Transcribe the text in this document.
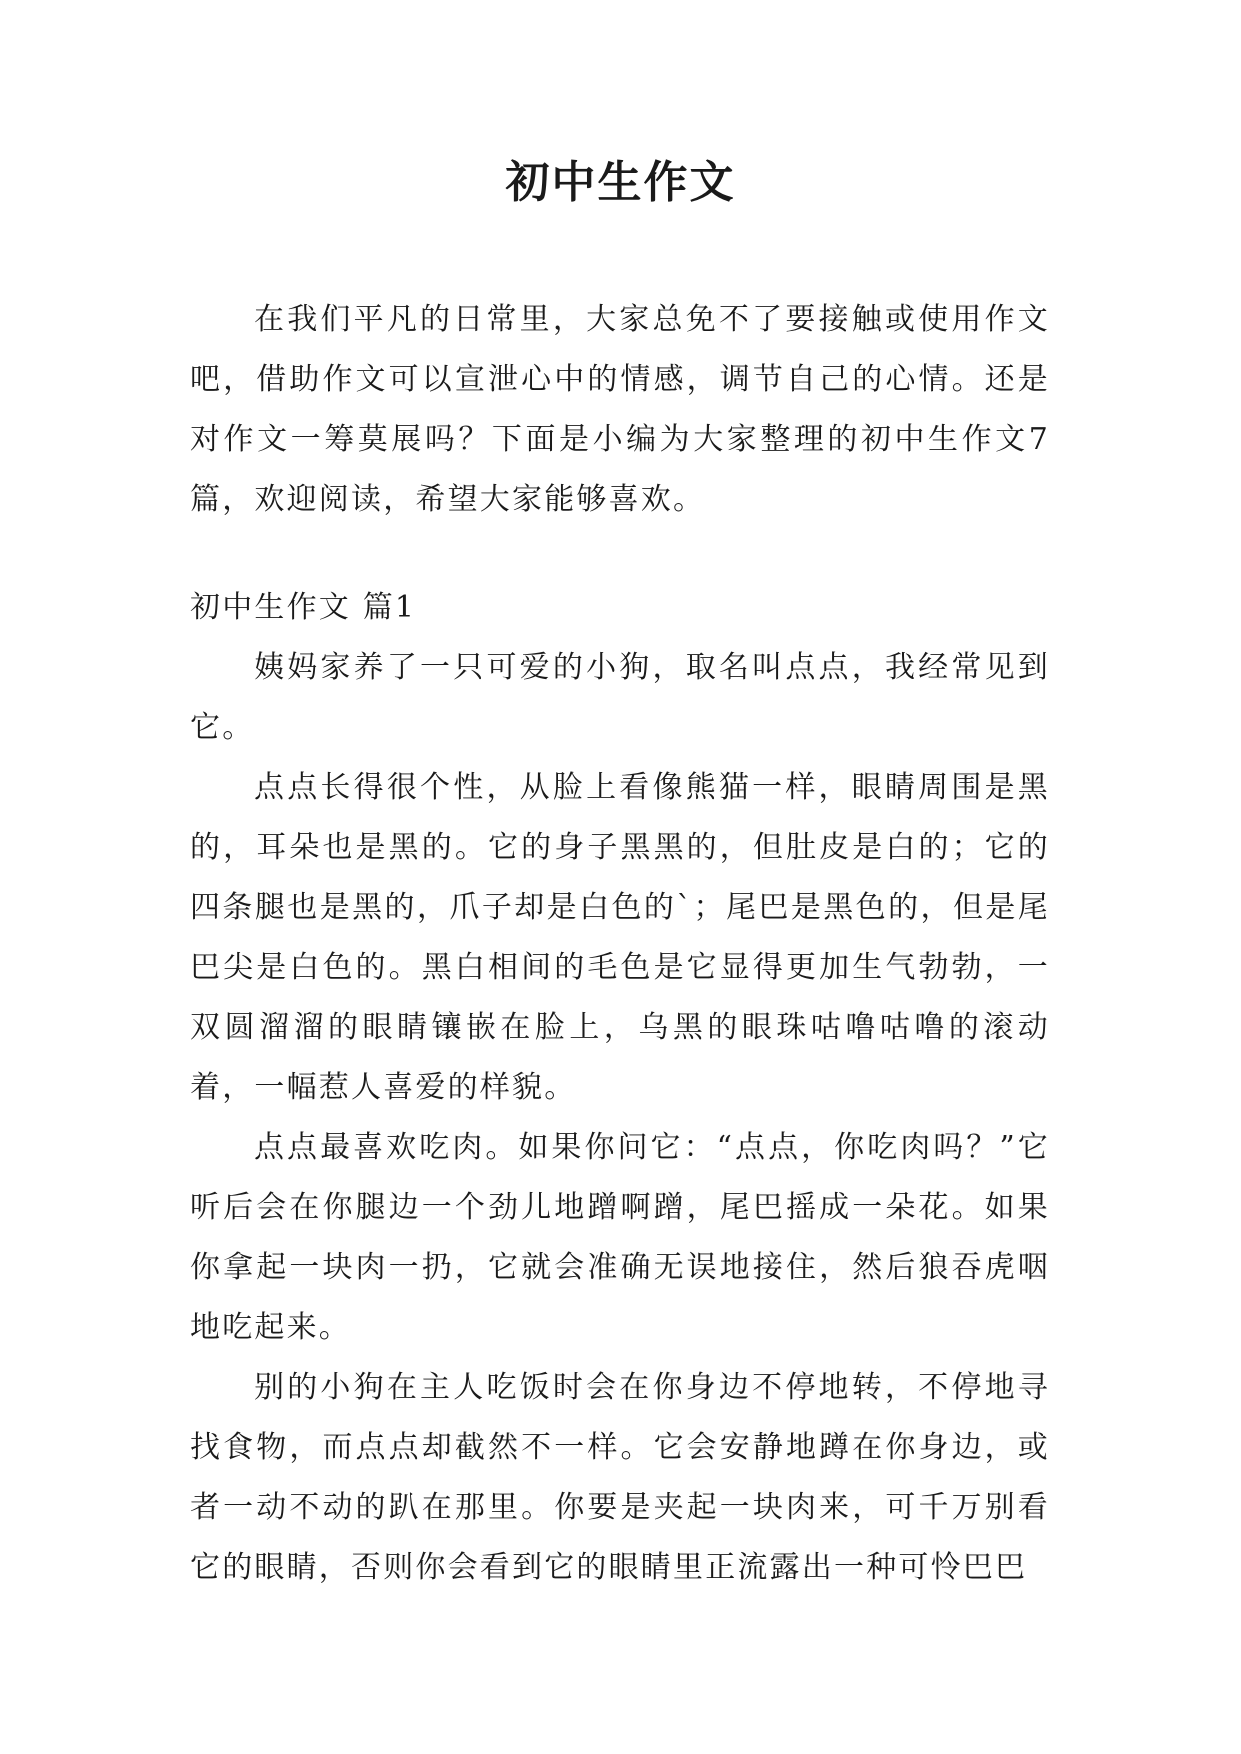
初中生作文

在我们平凡的日常里，大家总免不了要接触或使用作文吧，借助作文可以宣泄心中的情感，调节自己的心情。还是对作文一筹莫展吗？下面是小编为大家整理的初中生作文7篇，欢迎阅读，希望大家能够喜欢。

初中生作文 篇1

姨妈家养了一只可爱的小狗，取名叫点点，我经常见到它。

点点长得很个性，从脸上看像熊猫一样，眼睛周围是黑的，耳朵也是黑的。它的身子黑黑的，但肚皮是白的；它的四条腿也是黑的，爪子却是白色的`；尾巴是黑色的，但是尾巴尖是白色的。黑白相间的毛色是它显得更加生气勃勃，一双圆溜溜的眼睛镶嵌在脸上，乌黑的眼珠咕噜咕噜的滚动着，一幅惹人喜爱的样貌。

点点最喜欢吃肉。如果你问它：“点点，你吃肉吗？”它听后会在你腿边一个劲儿地蹭啊蹭，尾巴摇成一朵花。如果你拿起一块肉一扔，它就会准确无误地接住，然后狼吞虎咽地吃起来。

别的小狗在主人吃饭时会在你身边不停地转，不停地寻找食物，而点点却截然不一样。它会安静地蹲在你身边，或者一动不动的趴在那里。你要是夹起一块肉来，可千万别看它的眼睛，否则你会看到它的眼睛里正流露出一种可怜巴巴
